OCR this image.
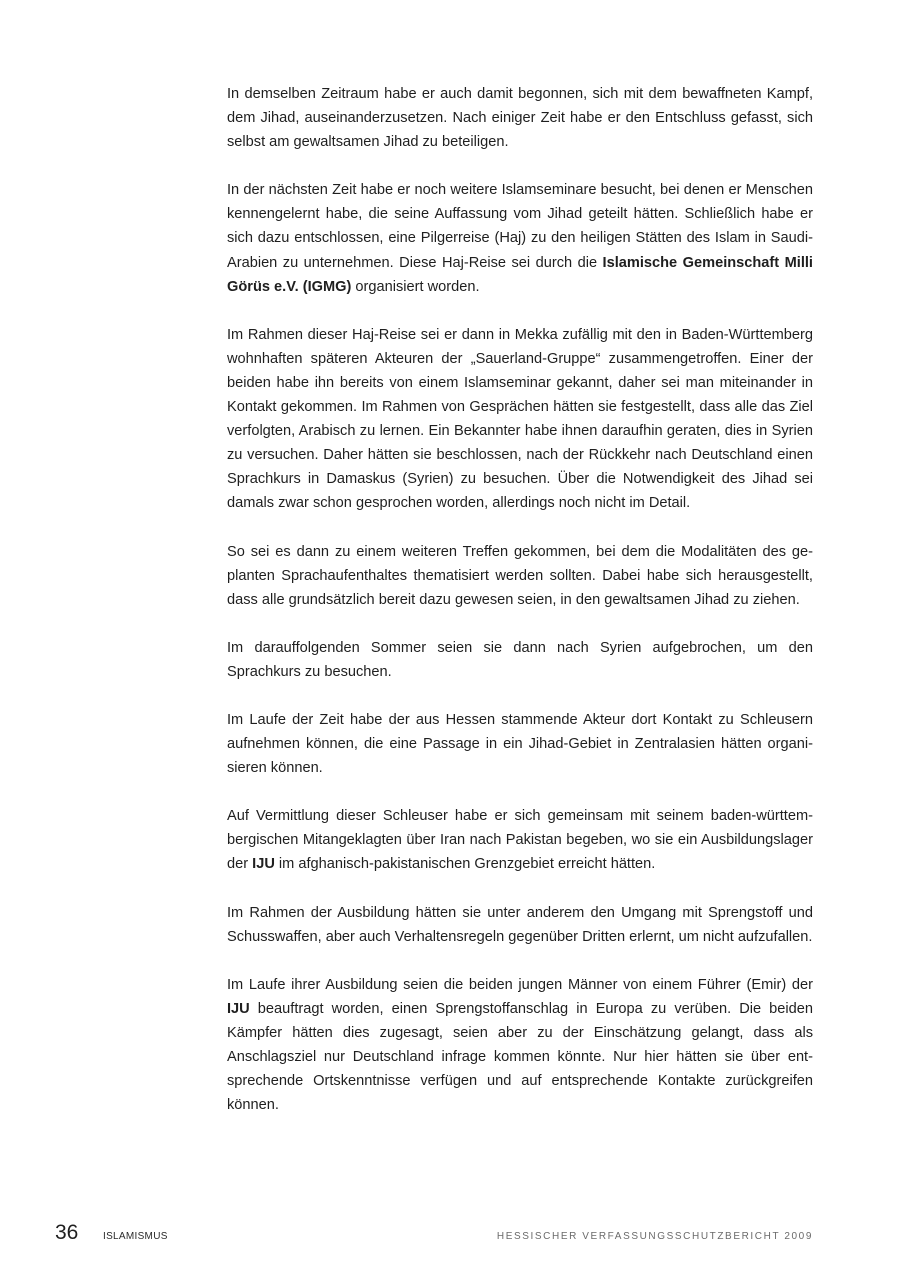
In demselben Zeitraum habe er auch damit begonnen, sich mit dem bewaffneten Kampf, dem Jihad, auseinanderzusetzen. Nach einiger Zeit habe er den Entschluss gefasst, sich selbst am gewaltsamen Jihad zu beteiligen.

In der nächsten Zeit habe er noch weitere Islamseminare besucht, bei denen er Menschen kennengelernt habe, die seine Auffassung vom Jihad geteilt hätten. Schließlich habe er sich dazu entschlossen, eine Pilgerreise (Haj) zu den heiligen Stätten des Islam in Saudi-Arabien zu unternehmen. Diese Haj-Reise sei durch die Islamische Gemeinschaft Milli Görüs e.V. (IGMG) organisiert worden.

Im Rahmen dieser Haj-Reise sei er dann in Mekka zufällig mit den in Baden-Württemberg wohnhaften späteren Akteuren der „Sauerland-Gruppe“ zusammengetroffen. Einer der beiden habe ihn bereits von einem Islamseminar gekannt, daher sei man miteinander in Kontakt gekommen. Im Rahmen von Gesprächen hätten sie festgestellt, dass alle das Ziel verfolgten, Arabisch zu lernen. Ein Bekannter habe ihnen daraufhin geraten, dies in Syrien zu versuchen. Daher hätten sie beschlossen, nach der Rückkehr nach Deutschland einen Sprachkurs in Damaskus (Syrien) zu besuchen. Über die Notwendigkeit des Jihad sei damals zwar schon gesprochen worden, allerdings noch nicht im Detail.

So sei es dann zu einem weiteren Treffen gekommen, bei dem die Modalitäten des geplanten Sprachaufenthaltes thematisiert werden sollten. Dabei habe sich herausgestellt, dass alle grundsätzlich bereit dazu gewesen seien, in den gewaltsamen Jihad zu ziehen.

Im darauffolgenden Sommer seien sie dann nach Syrien aufgebrochen, um den Sprachkurs zu besuchen.

Im Laufe der Zeit habe der aus Hessen stammende Akteur dort Kontakt zu Schleusern aufnehmen können, die eine Passage in ein Jihad-Gebiet in Zentralasien hätten organisieren können.

Auf Vermittlung dieser Schleuser habe er sich gemeinsam mit seinem baden-württembergischen Mitangeklagten über Iran nach Pakistan begeben, wo sie ein Ausbildungslager der IJU im afghanisch-pakistanischen Grenzgebiet erreicht hätten.

Im Rahmen der Ausbildung hätten sie unter anderem den Umgang mit Sprengstoff und Schusswaffen, aber auch Verhaltensregeln gegenüber Dritten erlernt, um nicht aufzufallen.

Im Laufe ihrer Ausbildung seien die beiden jungen Männer von einem Führer (Emir) der IJU beauftragt worden, einen Sprengstoffanschlag in Europa zu verüben. Die beiden Kämpfer hätten dies zugesagt, seien aber zu der Einschätzung gelangt, dass als Anschlagsziel nur Deutschland infrage kommen könnte. Nur hier hätten sie über entsprechende Ortskenntnisse verfügen und auf entsprechende Kontakte zurückgreifen können.

36 ISLAMISMUS	HESSISCHER VERFASSUNGSSCHUTZBERICHT 2009
